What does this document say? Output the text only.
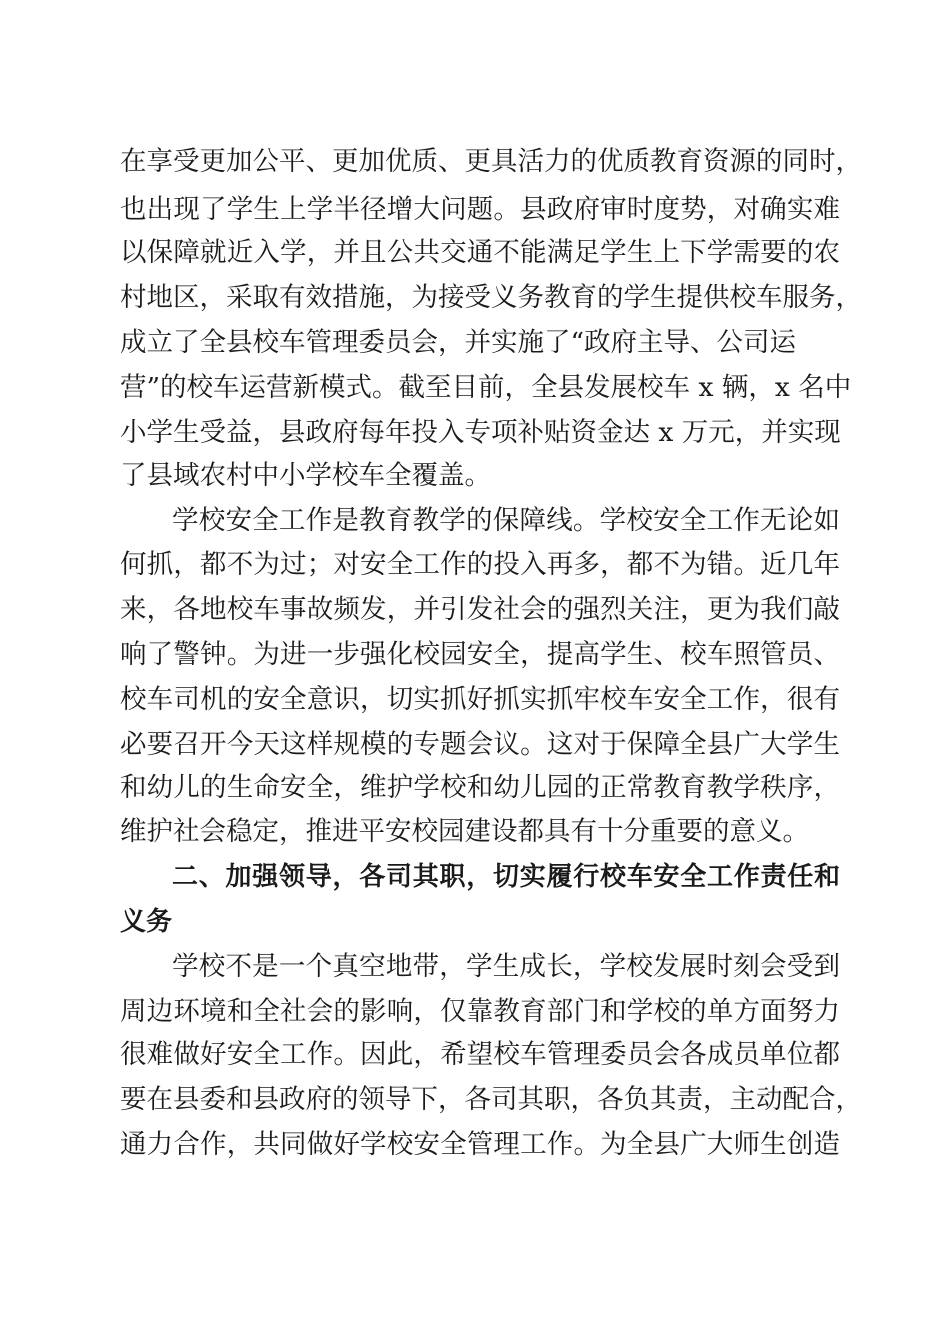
在享受更加公平、更加优质、更具活力的优质教育资源的同时，
也出现了学生上学半径增大问题。县政府审时度势，对确实难
以保障就近入学，并且公共交通不能满足学生上下学需要的农
村地区，采取有效措施，为接受义务教育的学生提供校车服务，
成立了全县校车管理委员会，并实施了“政府主导、公司运
营”的校车运营新模式。截至目前，全县发展校车 x 辆，x 名中
小学生受益，县政府每年投入专项补贴资金达 x 万元，并实现
了县域农村中小学校车全覆盖。
学校安全工作是教育教学的保障线。学校安全工作无论如
何抓，都不为过；对安全工作的投入再多，都不为错。近几年
来，各地校车事故频发，并引发社会的强烈关注，更为我们敲
响了警钟。为进一步强化校园安全，提高学生、校车照管员、
校车司机的安全意识，切实抓好抓实抓牢校车安全工作，很有
必要召开今天这样规模的专题会议。这对于保障全县广大学生
和幼儿的生命安全，维护学校和幼儿园的正常教育教学秩序，
维护社会稳定，推进平安校园建设都具有十分重要的意义。
二、加强领导，各司其职，切实履行校车安全工作责任和
义务
学校不是一个真空地带，学生成长，学校发展时刻会受到
周边环境和全社会的影响，仅靠教育部门和学校的单方面努力
很难做好安全工作。因此，希望校车管理委员会各成员单位都
要在县委和县政府的领导下，各司其职，各负其责，主动配合，
通力合作，共同做好学校安全管理工作。为全县广大师生创造
